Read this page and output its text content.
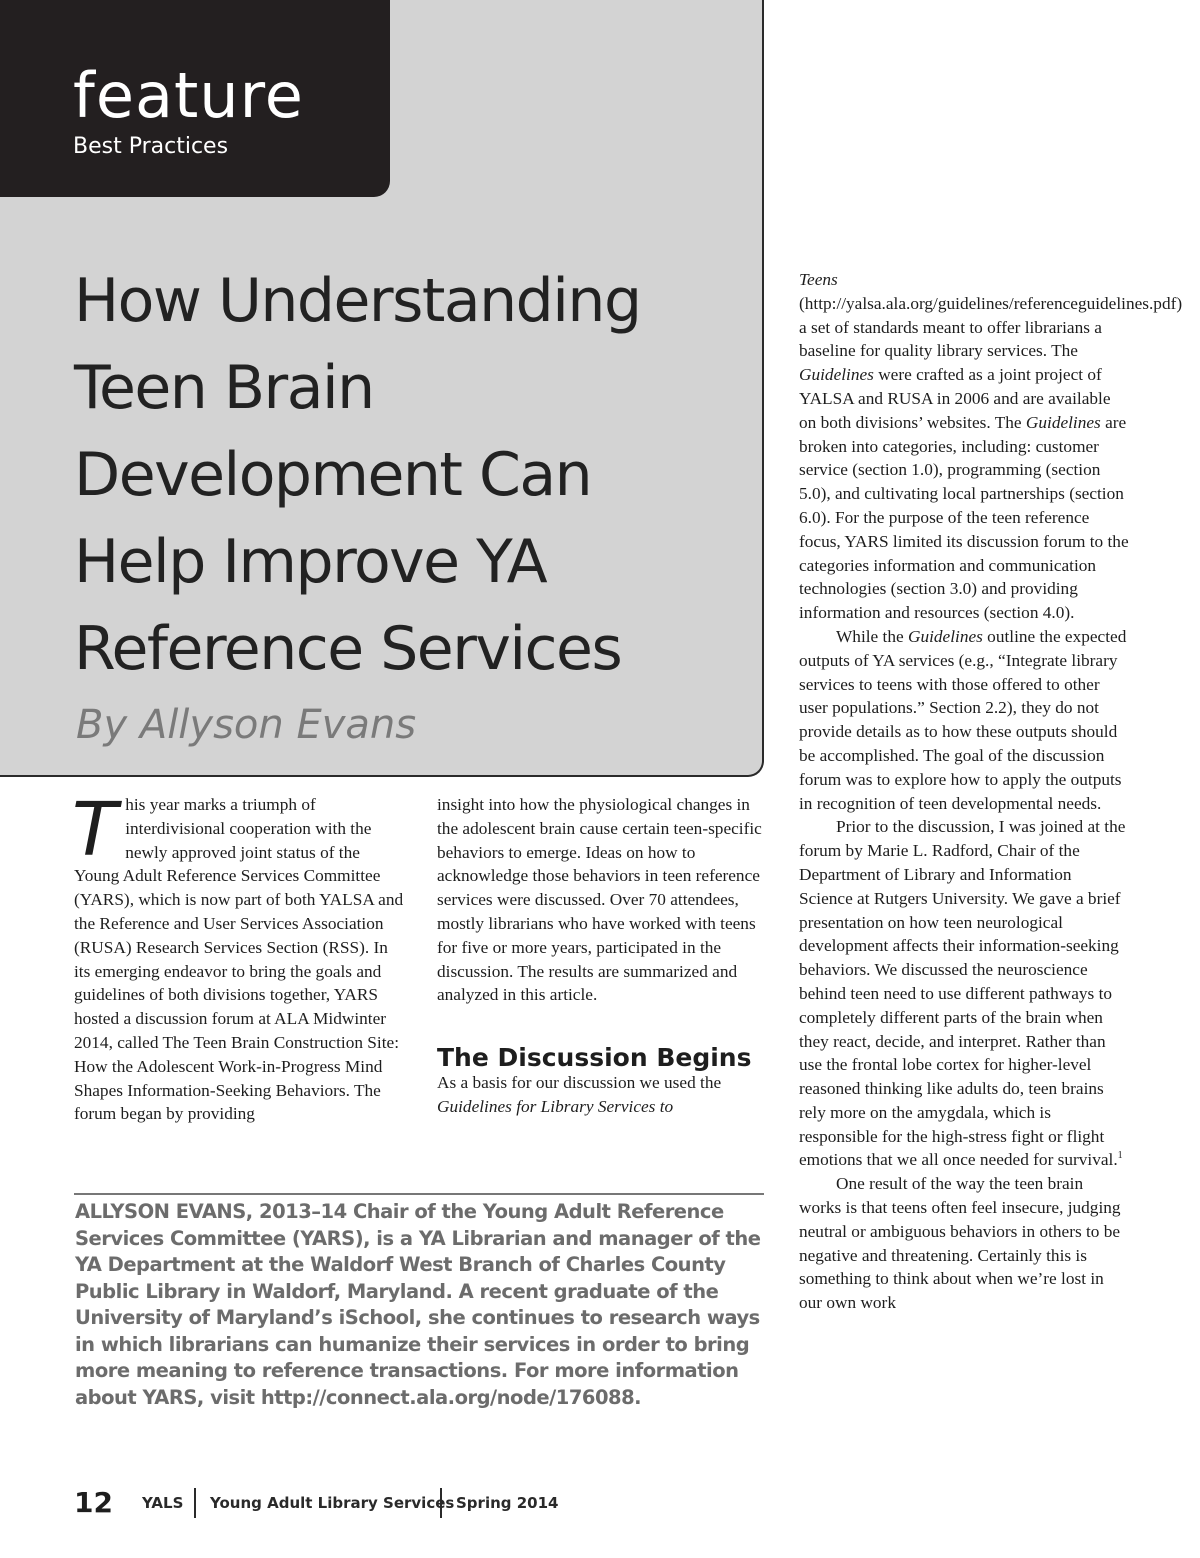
feature
Best Practices
How Understanding
Teen Brain
Development Can
Help Improve YA
Reference Services
By Allyson Evans

This year marks a triumph of interdivisional cooperation with the newly approved joint status of the Young Adult Reference Services Committee (YARS), which is now part of both YALSA and the Reference and User Services Association (RUSA) Research Services Section (RSS). In its emerging endeavor to bring the goals and guidelines of both divisions together, YARS hosted a discussion forum at ALA Midwinter 2014, called The Teen Brain Construction Site: How the Adolescent Work-in-Progress Mind Shapes Information-Seeking Behaviors. The forum began by providing

insight into how the physiological changes in the adolescent brain cause certain teen-specific behaviors to emerge. Ideas on how to acknowledge those behaviors in teen reference services were discussed. Over 70 attendees, mostly librarians who have worked with teens for five or more years, participated in the discussion. The results are summarized and analyzed in this article.

The Discussion Begins

As a basis for our discussion we used the Guidelines for Library Services to

Teens (http://yalsa.ala.org/guidelines/referenceguidelines.pdf) a set of standards meant to offer librarians a baseline for quality library services. The Guidelines were crafted as a joint project of YALSA and RUSA in 2006 and are available on both divisions’ websites. The Guidelines are broken into categories, including: customer service (section 1.0), programming (section 5.0), and cultivating local partnerships (section 6.0). For the purpose of the teen reference focus, YARS limited its discussion forum to the categories information and communication technologies (section 3.0) and providing information and resources (section 4.0).

While the Guidelines outline the expected outputs of YA services (e.g., “Integrate library services to teens with those offered to other user populations.” Section 2.2), they do not provide details as to how these outputs should be accomplished. The goal of the discussion forum was to explore how to apply the outputs in recognition of teen developmental needs.

Prior to the discussion, I was joined at the forum by Marie L. Radford, Chair of the Department of Library and Information Science at Rutgers University. We gave a brief presentation on how teen neurological development affects their information-seeking behaviors. We discussed the neuroscience behind teen need to use different pathways to completely different parts of the brain when they react, decide, and interpret. Rather than use the frontal lobe cortex for higher-level reasoned thinking like adults do, teen brains rely more on the amygdala, which is responsible for the high-stress fight or flight emotions that we all once needed for survival.$^1$

One result of the way the teen brain works is that teens often feel insecure, judging neutral or ambiguous behaviors in others to be negative and threatening. Certainly this is something to think about when we’re lost in our own work

ALLYSON EVANS, 2013–14 Chair of the Young Adult Reference Services Committee (YARS), is a YA Librarian and manager of the YA Department at the Waldorf West Branch of Charles County Public Library in Waldorf, Maryland. A recent graduate of the University of Maryland’s iSchool, she continues to research ways in which librarians can humanize their services in order to bring more meaning to reference transactions. For more information about YARS, visit http://connect.ala.org/node/176088.

12 YALS Young Adult Library Services Spring 2014
